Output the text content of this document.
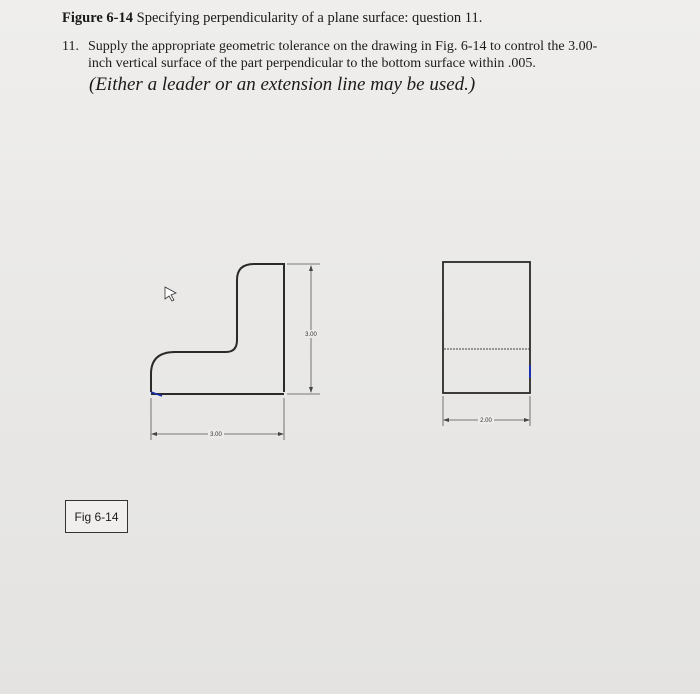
Figure 6-14 Specifying perpendicularity of a plane surface: question 11.
11. Supply the appropriate geometric tolerance on the drawing in Fig. 6-14 to control the 3.00-
inch vertical surface of the part perpendicular to the bottom surface within .005.
(Either a leader or an extension line may be used.)
3.00
3.00
2.00
Fig 6-14
